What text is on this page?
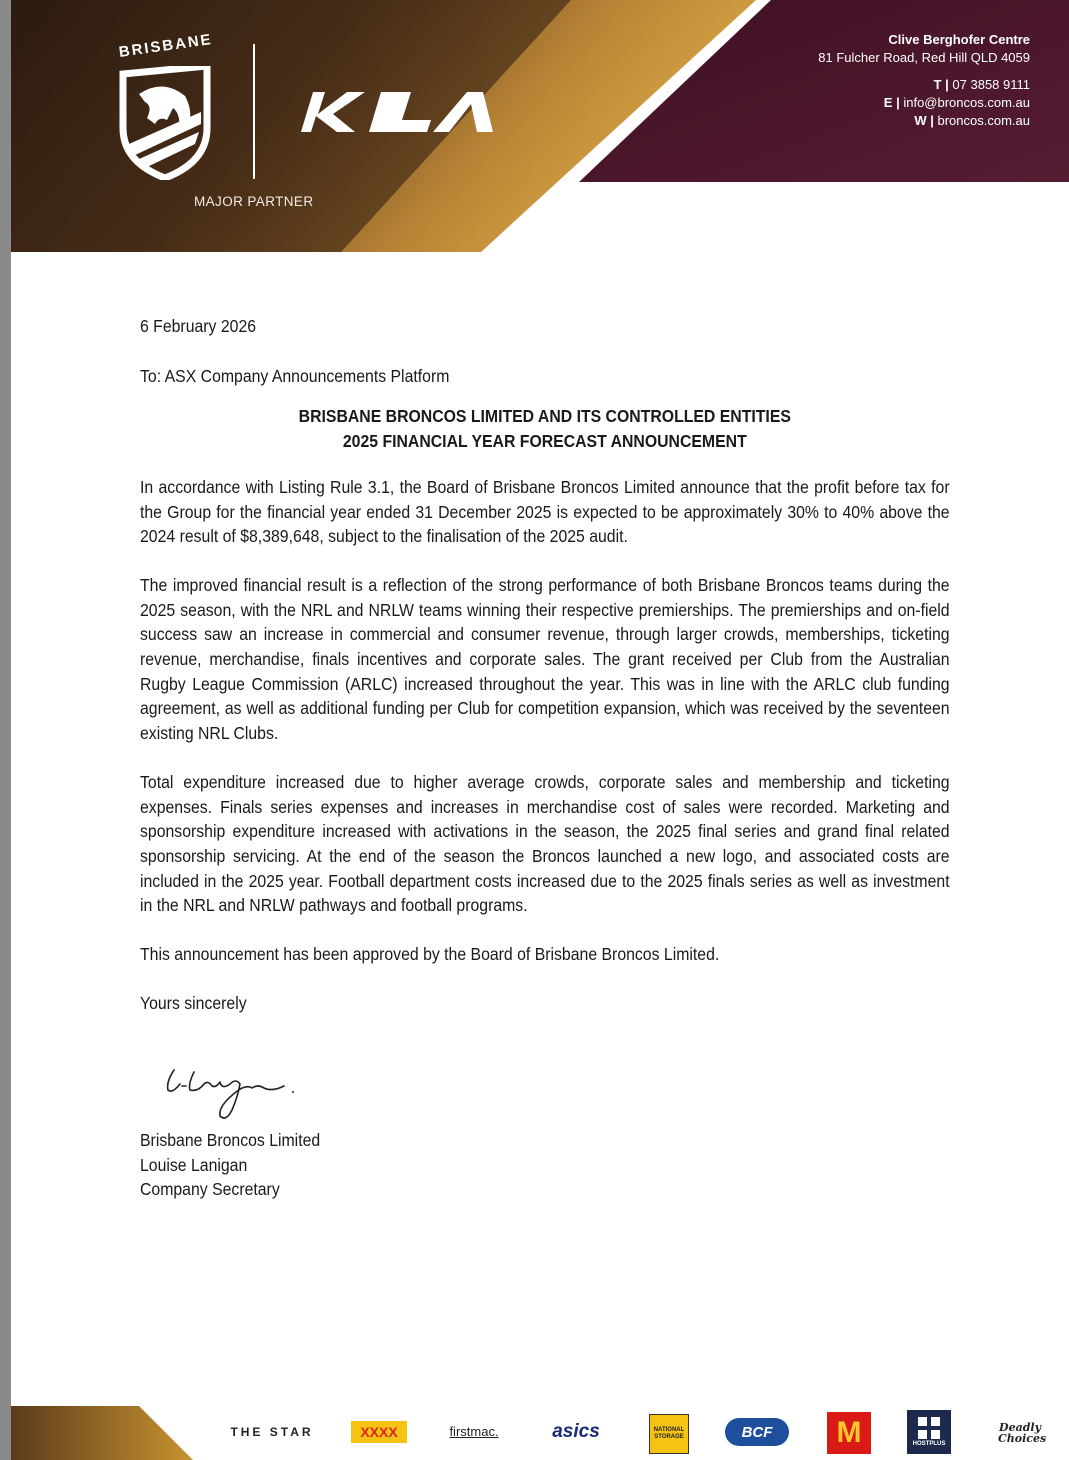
BRISBANE
MAJOR PARTNER
Clive Berghofer Centre
81 Fulcher Road, Red Hill QLD 4059
T | 07 3858 9111
E | info@broncos.com.au
W | broncos.com.au

6 February 2026

To: ASX Company Announcements Platform

BRISBANE BRONCOS LIMITED AND ITS CONTROLLED ENTITIES
2025 FINANCIAL YEAR FORECAST ANNOUNCEMENT

In accordance with Listing Rule 3.1, the Board of Brisbane Broncos Limited announce that the profit before tax for the Group for the financial year ended 31 December 2025 is expected to be approximately 30% to 40% above the 2024 result of $8,389,648, subject to the finalisation of the 2025 audit.

The improved financial result is a reflection of the strong performance of both Brisbane Broncos teams during the 2025 season, with the NRL and NRLW teams winning their respective premierships. The premierships and on-field success saw an increase in commercial and consumer revenue, through larger crowds, memberships, ticketing revenue, merchandise, finals incentives and corporate sales. The grant received per Club from the Australian Rugby League Commission (ARLC) increased throughout the year. This was in line with the ARLC club funding agreement, as well as additional funding per Club for competition expansion, which was received by the seventeen existing NRL Clubs.

Total expenditure increased due to higher average crowds, corporate sales and membership and ticketing expenses. Finals series expenses and increases in merchandise cost of sales were recorded. Marketing and sponsorship expenditure increased with activations in the season, the 2025 final series and grand final related sponsorship servicing. At the end of the season the Broncos launched a new logo, and associated costs are included in the 2025 year. Football department costs increased due to the 2025 finals series as well as investment in the NRL and NRLW pathways and football programs.

This announcement has been approved by the Board of Brisbane Broncos Limited.

Yours sincerely

Brisbane Broncos Limited
Louise Lanigan
Company Secretary
THE STAR	XXXX	firstmac.	asics	NATIONAL STORAGE	BCF M	HOSTPLUS
Deadly Choices
